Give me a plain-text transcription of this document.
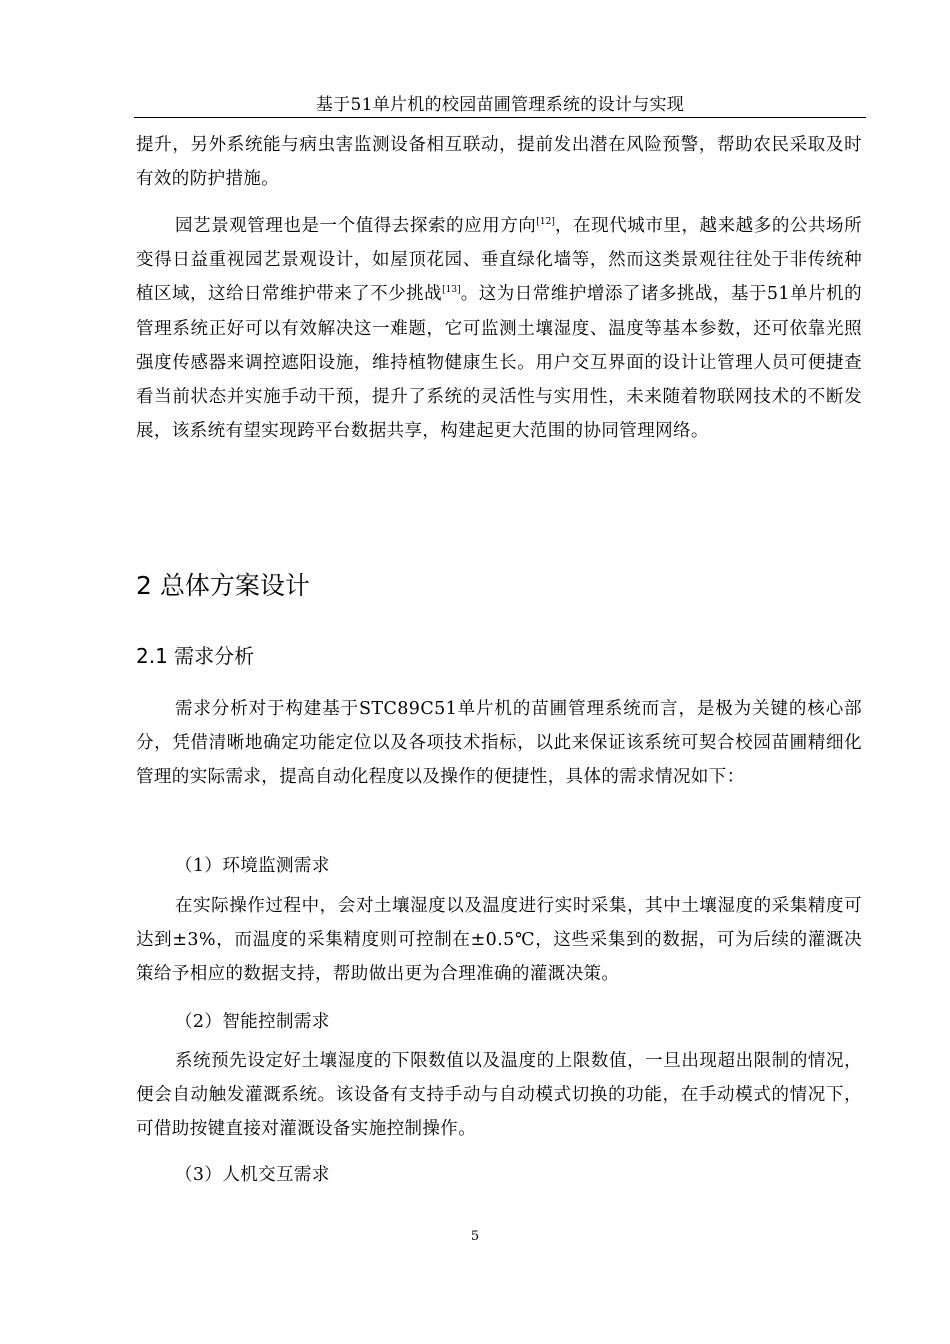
基于51单片机的校园苗圃管理系统的设计与实现

提升，另外系统能与病虫害监测设备相互联动，提前发出潜在风险预警，帮助农民采取及时有效的防护措施。

园艺景观管理也是一个值得去探索的应用方向[12]，在现代城市里，越来越多的公共场所变得日益重视园艺景观设计，如屋顶花园、垂直绿化墙等，然而这类景观往往处于非传统种植区域，这给日常维护带来了不少挑战[13]。这为日常维护增添了诸多挑战，基于51单片机的管理系统正好可以有效解决这一难题，它可监测土壤湿度、温度等基本参数，还可依靠光照强度传感器来调控遮阳设施，维持植物健康生长。用户交互界面的设计让管理人员可便捷查看当前状态并实施手动干预，提升了系统的灵活性与实用性，未来随着物联网技术的不断发展，该系统有望实现跨平台数据共享，构建起更大范围的协同管理网络。

2 总体方案设计
2.1 需求分析

需求分析对于构建基于STC89C51单片机的苗圃管理系统而言，是极为关键的核心部分，凭借清晰地确定功能定位以及各项技术指标，以此来保证该系统可契合校园苗圃精细化管理的实际需求，提高自动化程度以及操作的便捷性，具体的需求情况如下：

（1）环境监测需求

在实际操作过程中，会对土壤湿度以及温度进行实时采集，其中土壤湿度的采集精度可达到±3%，而温度的采集精度则可控制在±0.5℃，这些采集到的数据，可为后续的灌溉决策给予相应的数据支持，帮助做出更为合理准确的灌溉决策。

（2）智能控制需求

系统预先设定好土壤湿度的下限数值以及温度的上限数值，一旦出现超出限制的情况，便会自动触发灌溉系统。该设备有支持手动与自动模式切换的功能，在手动模式的情况下，可借助按键直接对灌溉设备实施控制操作。

（3）人机交互需求

5
